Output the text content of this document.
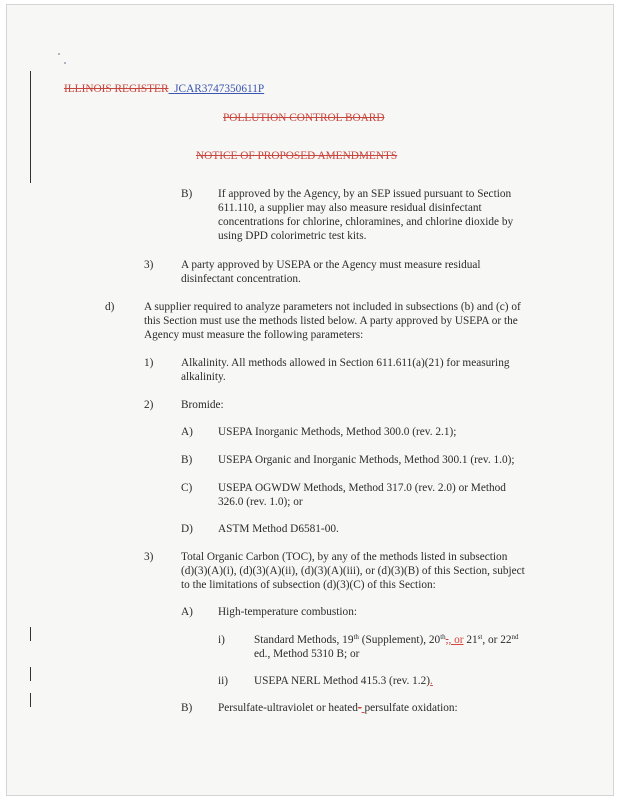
ILLINOIS REGISTER JCAR3747350611P
POLLUTION CONTROL BOARD
NOTICE OF PROPOSED AMENDMENTS
B) If approved by the Agency, by an SEP issued pursuant to Section
611.110, a supplier may also measure residual disinfectant
concentrations for chlorine, chloramines, and chlorine dioxide by
using DPD colorimetric test kits.
3) A party approved by USEPA or the Agency must measure residual
disinfectant concentration.
d)	A supplier required to analyze parameters not included in subsections (b) and (c) of
this Section must use the methods listed below. A party approved by USEPA or the
Agency must measure the following parameters:
1) Alkalinity. All methods allowed in Section 611.611(a)(21) for measuring
alkalinity.
2) Bromide:
A) USEPA Inorganic Methods, Method 300.0 (rev. 2.1);
B) USEPA Organic and Inorganic Methods, Method 300.1 (rev. 1.0);
C) USEPA OGWDW Methods, Method 317.0 (rev. 2.0) or Method
326.0 (rev. 1.0); or
D) ASTM Method D6581-00.
3) Total Organic Carbon (TOC), by any of the methods listed in subsection
(d)(3)(A)(i), (d)(3)(A)(ii), (d)(3)(A)(iii), or (d)(3)(B) of this Section, subject
to the limitations of subsection (d)(3)(C) of this Section:
A) High-temperature combustion:
i)	Standard Methods, 19th (Supplement), 20th,, or 21st, or 22nd
ed., Method 5310 B; or
ii) USEPA NERL Method 415.3 (rev. 1.2).
B) Persulfate-ultraviolet or heated- persulfate oxidation:
